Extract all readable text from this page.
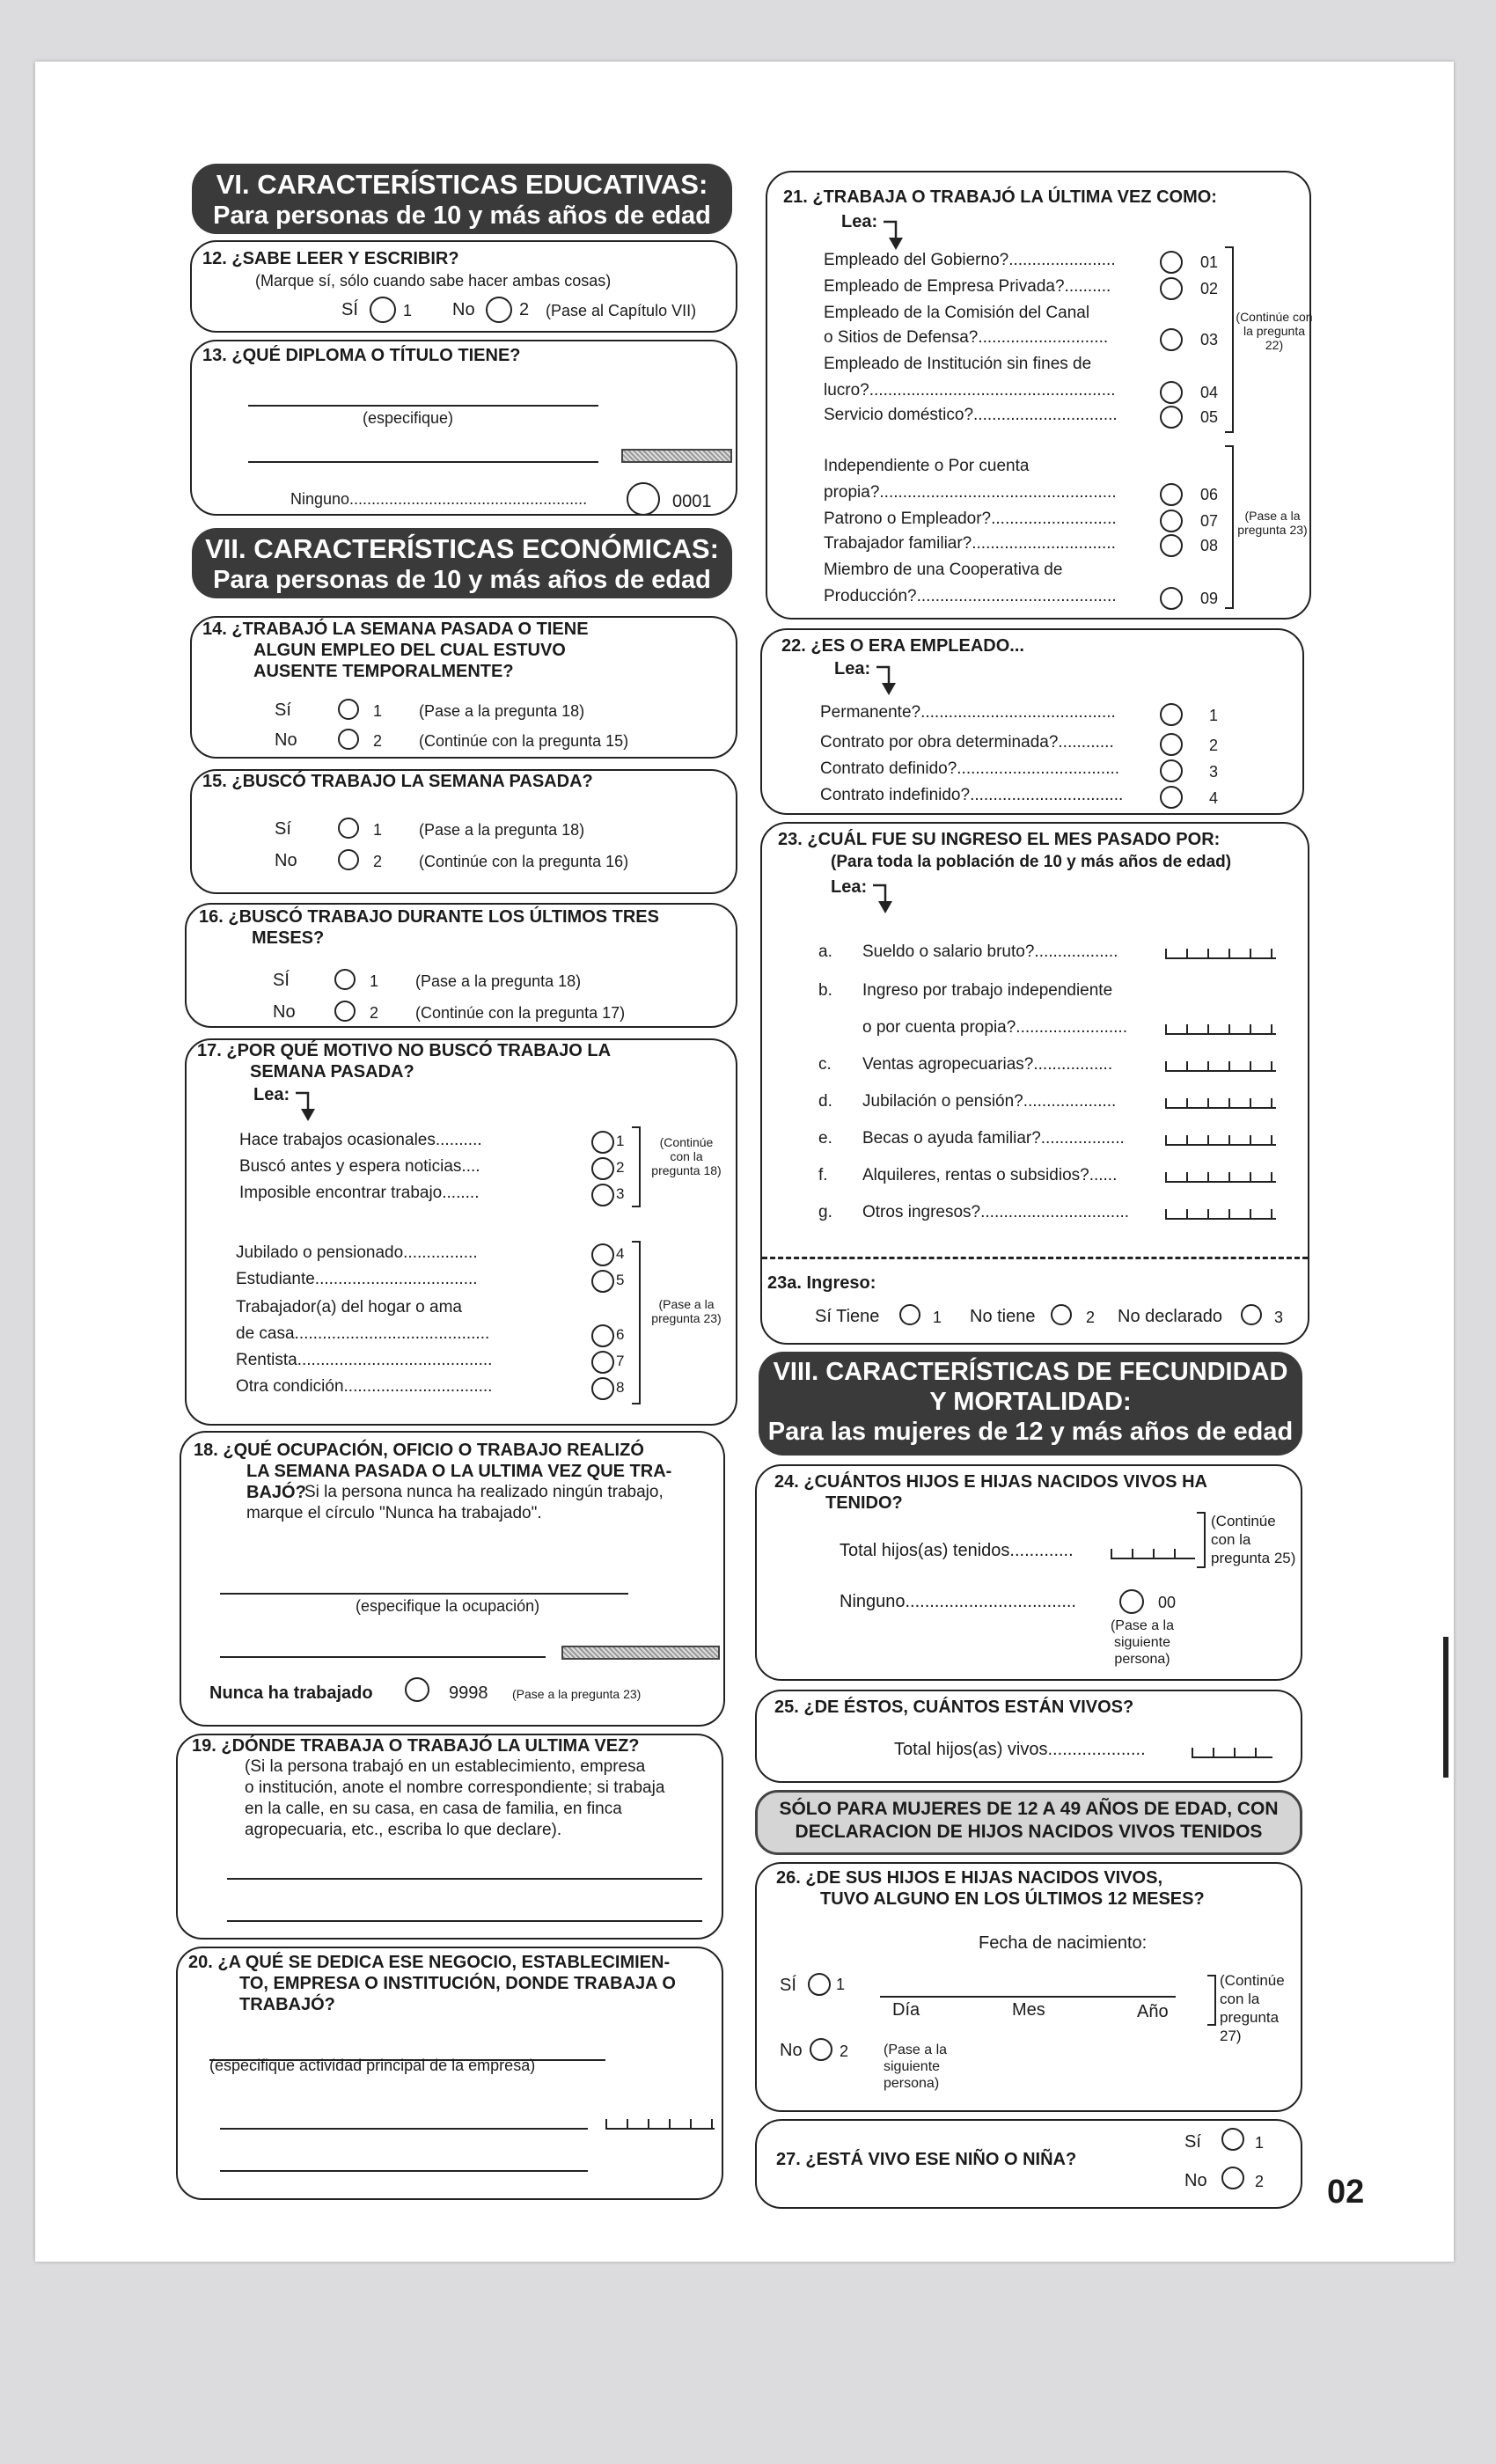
VI. CARACTERÍSTICAS EDUCATIVAS:
Para personas de 10 y más años de edad
12. ¿SABE LEER Y ESCRIBIR?
(Marque sí, sólo cuando sabe hacer ambas cosas)
SÍ	1 No	2 (Pase al Capítulo VII)
13. ¿QUÉ DIPLOMA O TÍTULO TIENE?
(especifique)
Ninguno......................................................	0001
VII. CARACTERÍSTICAS ECONÓMICAS:
Para personas de 10 y más años de edad
14. ¿TRABAJÓ LA SEMANA PASADA O TIENE
ALGUN EMPLEO DEL CUAL ESTUVO
AUSENTE TEMPORALMENTE?
Sí	1 (Pase a la pregunta 18)
No	2 (Continúe con la pregunta 15)
15. ¿BUSCÓ TRABAJO LA SEMANA PASADA?
Sí	1 (Pase a la pregunta 18)
No	2 (Continúe con la pregunta 16)
16. ¿BUSCÓ TRABAJO DURANTE LOS ÚLTIMOS TRES
MESES?
SÍ	1 (Pase a la pregunta 18)
No	2 (Continúe con la pregunta 17)
17. ¿POR QUÉ MOTIVO NO BUSCÓ TRABAJO LA
SEMANA PASADA?
Lea:
(Continúe con la pregunta 18)
(Pase a la pregunta 23)
Hace trabajos ocasionales..........	1
Buscó antes y espera noticias....	2
Imposible encontrar trabajo........	3
Jubilado o pensionado................	4
Estudiante...................................	5
Trabajador(a) del hogar o ama
de casa..........................................	6
Rentista..........................................	7
Otra condición................................	8
18. ¿QUÉ OCUPACIÓN, OFICIO O TRABAJO REALIZÓ
LA SEMANA PASADA O LA ULTIMA VEZ QUE TRA-
BAJÓ?
Si la persona nunca ha realizado ningún trabajo,
marque el círculo "Nunca ha trabajado".
(especifique la ocupación)
Nunca ha trabajado	9998 (Pase a la pregunta 23)
19. ¿DÓNDE TRABAJA O TRABAJÓ LA ULTIMA VEZ?
(Si la persona trabajó en un establecimiento, empresa
o institución, anote el nombre correspondiente; si trabaja
en la calle, en su casa, en casa de familia, en finca
agropecuaria, etc., escriba lo que declare).
20. ¿A QUÉ SE DEDICA ESE NEGOCIO, ESTABLECIMIEN-
TO, EMPRESA O INSTITUCIÓN, DONDE TRABAJA O
TRABAJÓ?
(especifique actividad principal de la empresa)
21. ¿TRABAJA O TRABAJÓ LA ÚLTIMA VEZ COMO:
Lea:
(Continúe con la pregunta 22)
(Pase a la pregunta 23)
Empleado del Gobierno?.......................	01
Empleado de Empresa Privada?..........	02
Empleado de la Comisión del Canal
o Sitios de Defensa?............................	03
Empleado de Institución sin fines de
lucro?.....................................................	04
Servicio doméstico?...............................	05
Independiente o Por cuenta
propia?...................................................	06
Patrono o Empleador?...........................	07
Trabajador familiar?...............................	08
Miembro de una Cooperativa de
Producción?...........................................	09
22. ¿ES O ERA EMPLEADO...
Lea:
Permanente?..........................................	1
Contrato por obra determinada?............	2
Contrato definido?...................................	3
Contrato indefinido?.................................	4
23. ¿CUÁL FUE SU INGRESO EL MES PASADO POR:
(Para toda la población de 10 y más años de edad)
Lea:
a. Sueldo o salario bruto?..................
b. Ingreso por trabajo independiente
o por cuenta propia?........................
c. Ventas agropecuarias?.................
d. Jubilación o pensión?....................
e. Becas o ayuda familiar?..................
f. Alquileres, rentas o subsidios?......
g. Otros ingresos?................................
23a. Ingreso:
Sí Tiene	1 No tiene	2 No declarado	3
VIII. CARACTERÍSTICAS DE FECUNDIDAD
Y MORTALIDAD:
Para las mujeres de 12 y más años de edad
24. ¿CUÁNTOS HIJOS E HIJAS NACIDOS VIVOS HA
TENIDO?
Total hijos(as) tenidos.............
(Continúe con la pregunta 25)
Ninguno...................................	00
(Pase a la siguiente persona)
25. ¿DE ÉSTOS, CUÁNTOS ESTÁN VIVOS?
Total hijos(as) vivos....................
SÓLO PARA MUJERES DE 12 A 49 AÑOS DE EDAD, CON
DECLARACION DE HIJOS NACIDOS VIVOS TENIDOS
26. ¿DE SUS HIJOS E HIJAS NACIDOS VIVOS,
TUVO ALGUNO EN LOS ÚLTIMOS 12 MESES?
Fecha de nacimiento:
SÍ	1
Día	Mes	Año
(Continúe con la pregunta 27)
No 2 (Pase a la siguiente persona)
27. ¿ESTÁ VIVO ESE NIÑO O NIÑA?
Sí	1
No	2 02
